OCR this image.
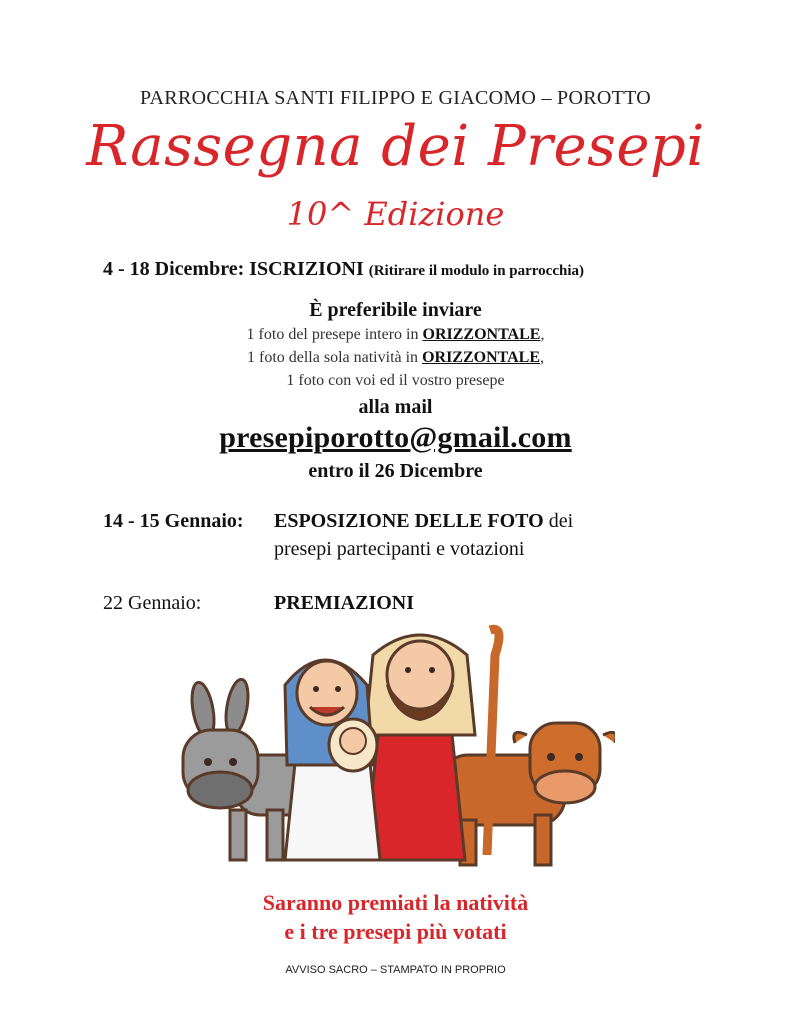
PARROCCHIA SANTI FILIPPO E GIACOMO – POROTTO
Rassegna dei Presepi
10^ Edizione
4 - 18 Dicembre: ISCRIZIONI (Ritirare il modulo in parrocchia)
È preferibile inviare
1 foto del presepe intero in ORIZZONTALE,
1 foto della sola natività in ORIZZONTALE,
1 foto con voi ed il vostro presepe
alla mail
presepiporotto@gmail.com
entro il 26 Dicembre
14 - 15 Gennaio: ESPOSIZIONE DELLE FOTO dei
presepi partecipanti e votazioni
22 Gennaio:	PREMIAZIONI
Saranno premiati la natività
e i tre presepi più votati
AVVISO SACRO – STAMPATO IN PROPRIO
